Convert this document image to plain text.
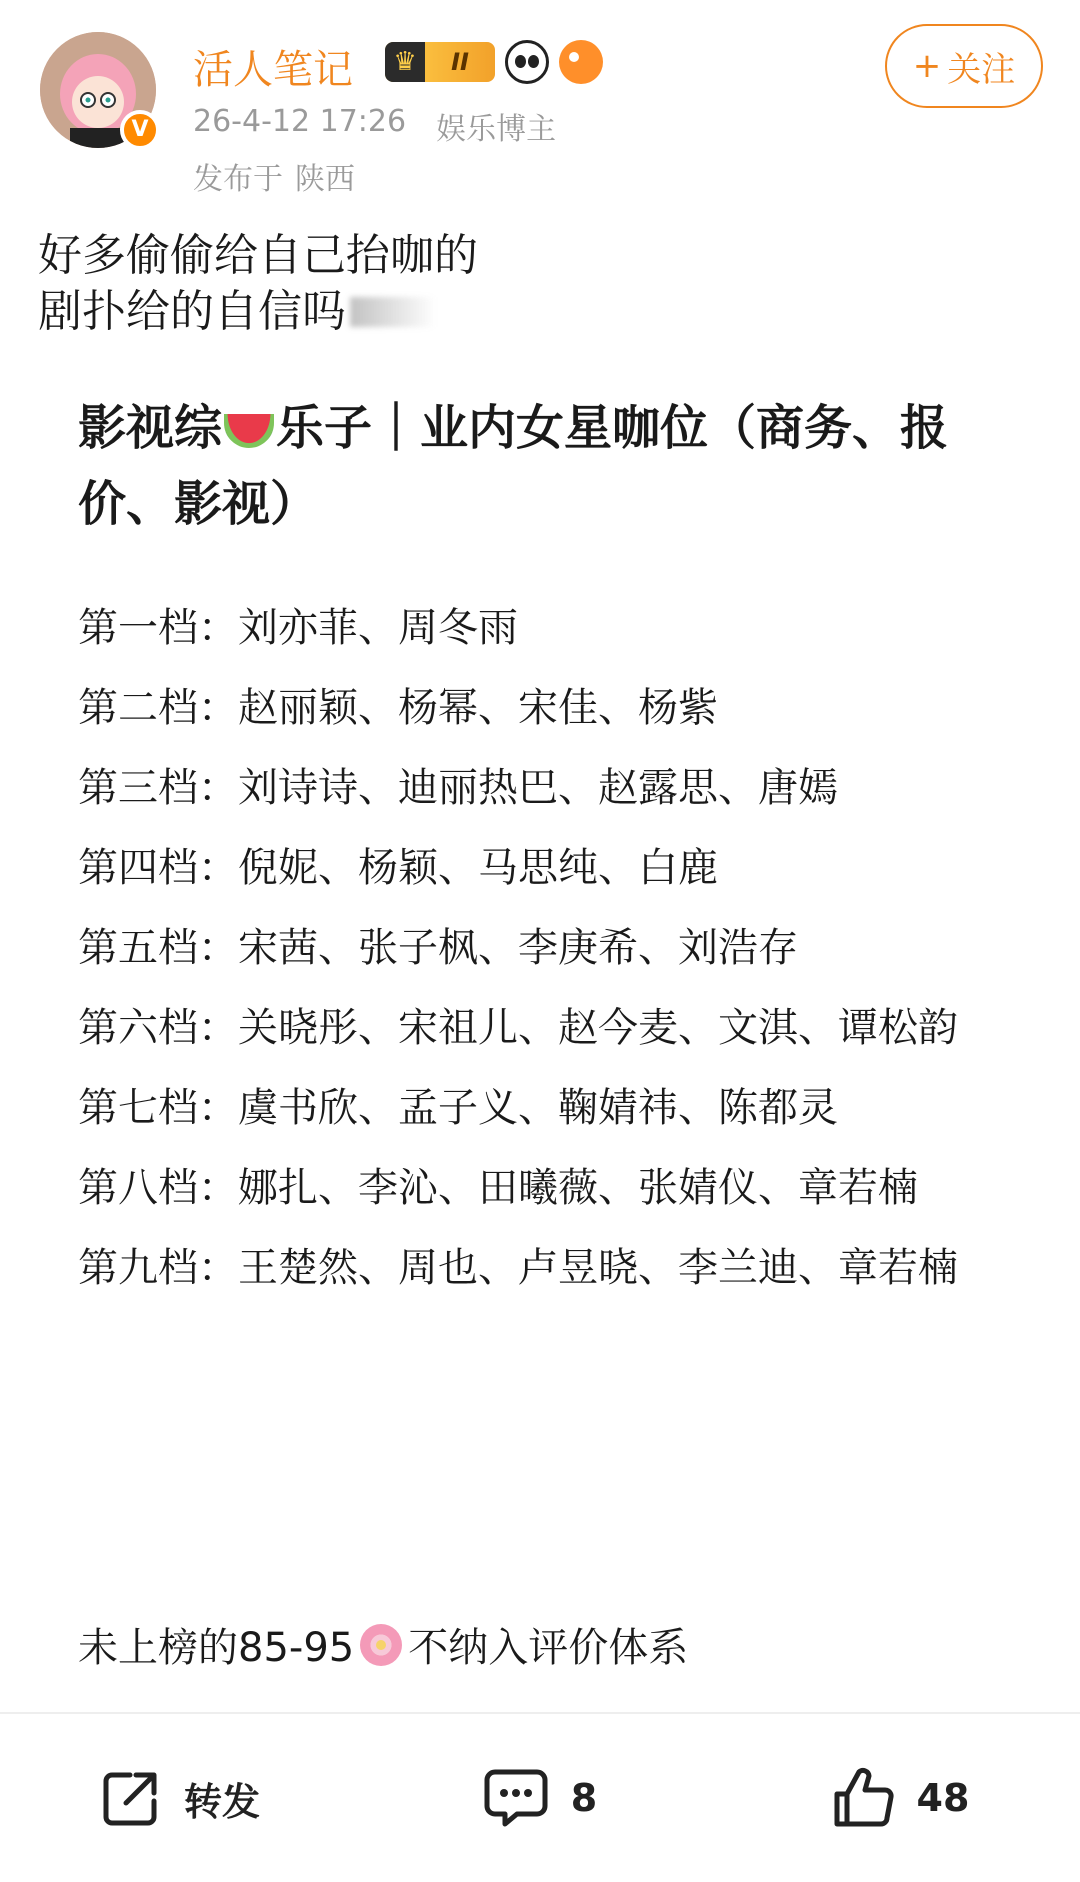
V
活人笔记	♛	II
26-4-12 17:26 娱乐博主
发布于 陕西
+ 关注
好多偷偷给自己抬咖的
剧扑给的自信吗
影视综 乐子｜业内女星咖位（商务、报价、影视）
第一档：刘亦菲、周冬雨
第二档：赵丽颖、杨幂、宋佳、杨紫
第三档：刘诗诗、迪丽热巴、赵露思、唐嫣
第四档：倪妮、杨颖、马思纯、白鹿
第五档：宋茜、张子枫、李庚希、刘浩存
第六档：关晓彤、宋祖儿、赵今麦、文淇、谭松韵
第七档：虞书欣、孟子义、鞠婧祎、陈都灵
第八档：娜扎、李沁、田曦薇、张婧仪、章若楠
第九档：王楚然、周也、卢昱晓、李兰迪、章若楠
未上榜的85-95 不纳入评价体系
转发	8	48
